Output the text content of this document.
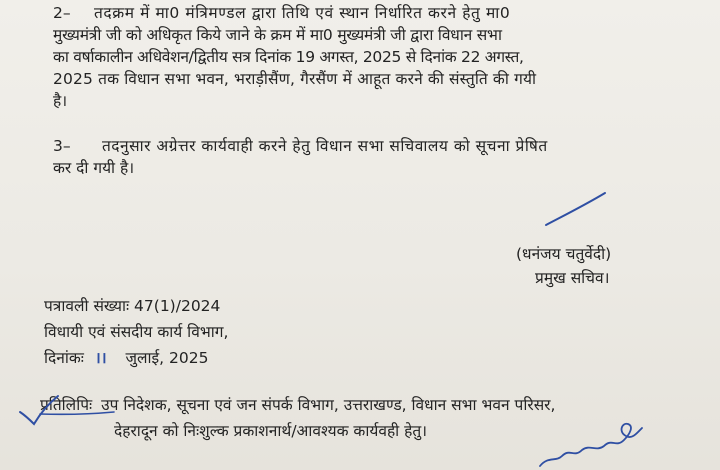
2– तदक्रम में मा0 मंत्रिमण्डल द्वारा तिथि एवं स्थान निर्धारित करने हेतु मा0
मुख्यमंत्री जी को अधिकृत किये जाने के क्रम में मा0 मुख्यमंत्री जी द्वारा विधान सभा
का वर्षाकालीन अधिवेशन/द्वितीय सत्र दिनांक 19 अगस्त, 2025 से दिनांक 22 अगस्त,
2025 तक विधान सभा भवन, भराड़ीसैंण, गैरसैंण में आहूत करने की संस्तुति की गयी
है।
3– तदनुसार अग्रेत्तर कार्यवाही करने हेतु विधान सभा सचिवालय को सूचना प्रेषित
कर दी गयी है।
(धनंजय चतुर्वेदी)
प्रमुख सचिव।
पत्रावली संख्याः 47(1)/2024
विधायी एवं संसदीय कार्य विभाग,
दिनांकः ।। जुलाई, 2025
प्रतिलिपिः उप निदेशक, सूचना एवं जन संपर्क विभाग, उत्तराखण्ड, विधान सभा भवन परिसर,
देहरादून को निःशुल्क प्रकाशनार्थ/आवश्यक कार्यवही हेतु।
